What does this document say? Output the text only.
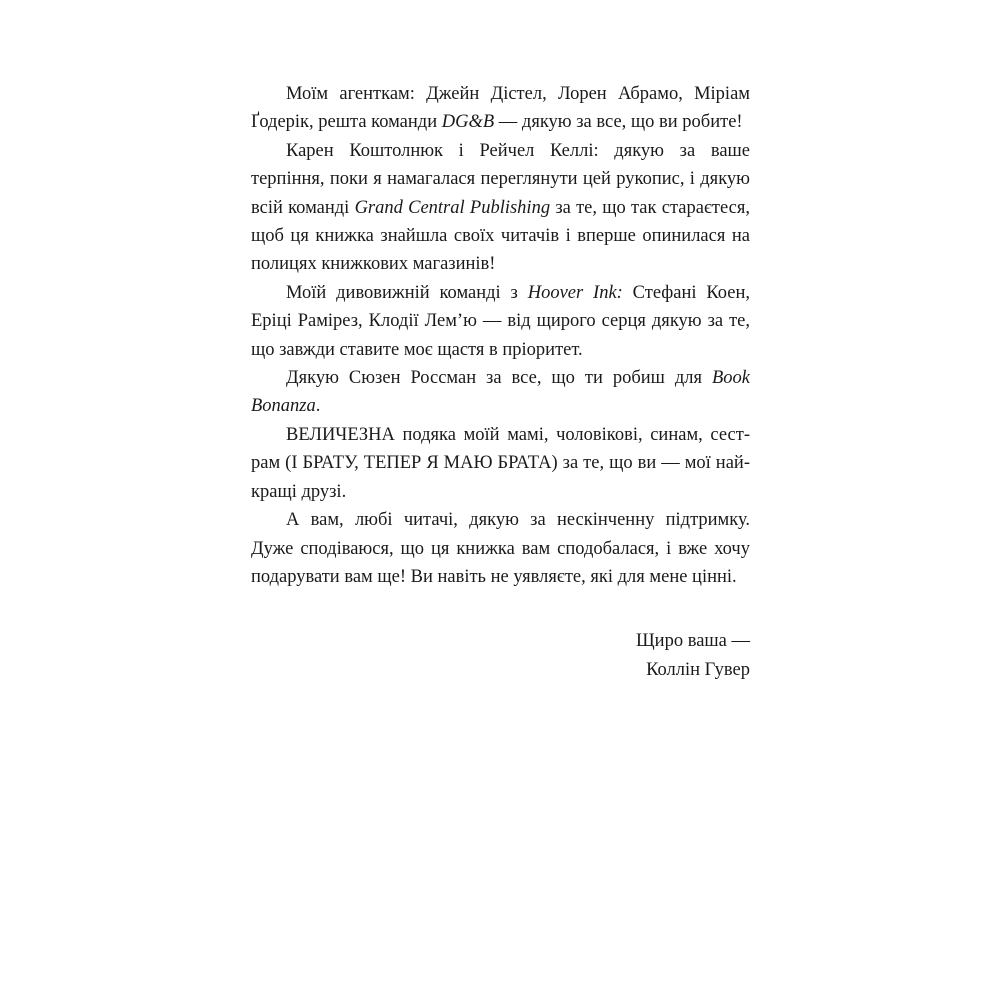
Моїм агенткам: Джейн Дістел, Лорен Абрамо, Міріам Ґодерік, решта команди DG&B — дякую за все, що ви робите!

Карен Коштолнюк і Рейчел Келлі: дякую за ваше терпіння, поки я намагалася переглянути цей рукопис, і дякую всій команді Grand Central Publishing за те, що так стараєтеся, щоб ця книжка знайшла своїх читачів і вперше опинилася на полицях книжкових магазинів!

Моїй дивовижній команді з Hoover Ink: Стефані Коен, Еріці Рамірез, Клодії Лем’ю — від щирого серця дякую за те, що завжди ставите моє щастя в пріоритет.

Дякую Сюзен Россман за все, що ти робиш для Book Bonanza.

ВЕЛИЧЕЗНА подяка моїй мамі, чоловікові, синам, сестрам (І БРАТУ, ТЕПЕР Я МАЮ БРАТА) за те, що ви — мої найкращі друзі.

А вам, любі читачі, дякую за нескінченну підтримку. Дуже сподіваюся, що ця книжка вам сподобалася, і вже хочу подарувати вам ще! Ви навіть не уявляєте, які для мене цінні.

Щиро ваша —
Коллін Гувер
